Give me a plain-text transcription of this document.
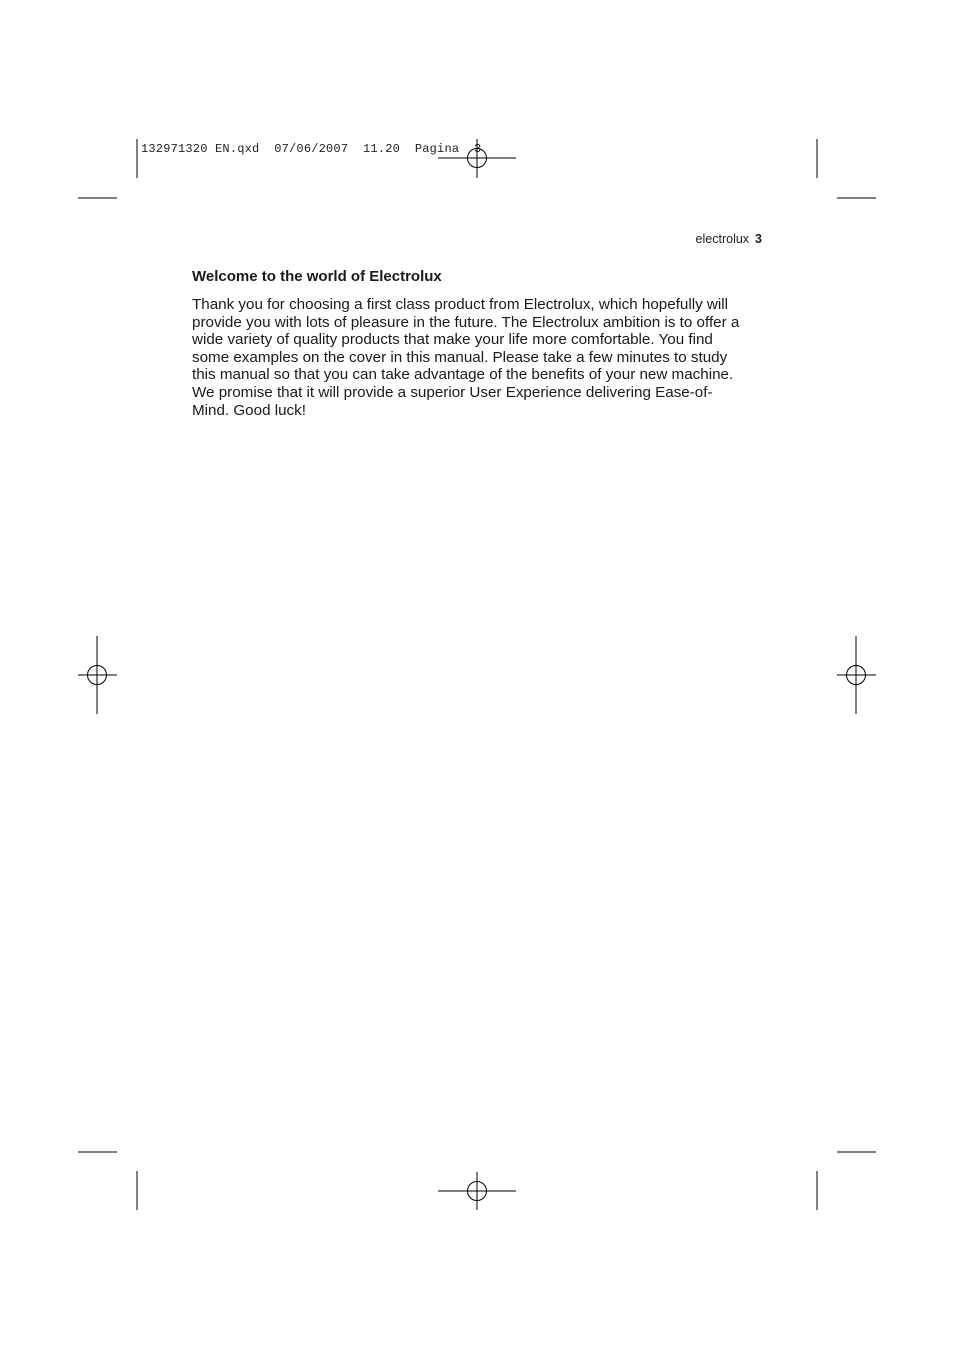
132971320 EN.qxd  07/06/2007  11.20  Pagina  3
electrolux 3
Welcome to the world of Electrolux

Thank you for choosing a first class product from Electrolux, which hopefully will
provide you with lots of pleasure in the future. The Electrolux ambition is to offer a
wide variety of quality products that make your life more comfortable. You find
some examples on the cover in this manual. Please take a few minutes to study
this manual so that you can take advantage of the benefits of your new machine.
We promise that it will provide a superior User Experience delivering Ease-of-
Mind. Good luck!
